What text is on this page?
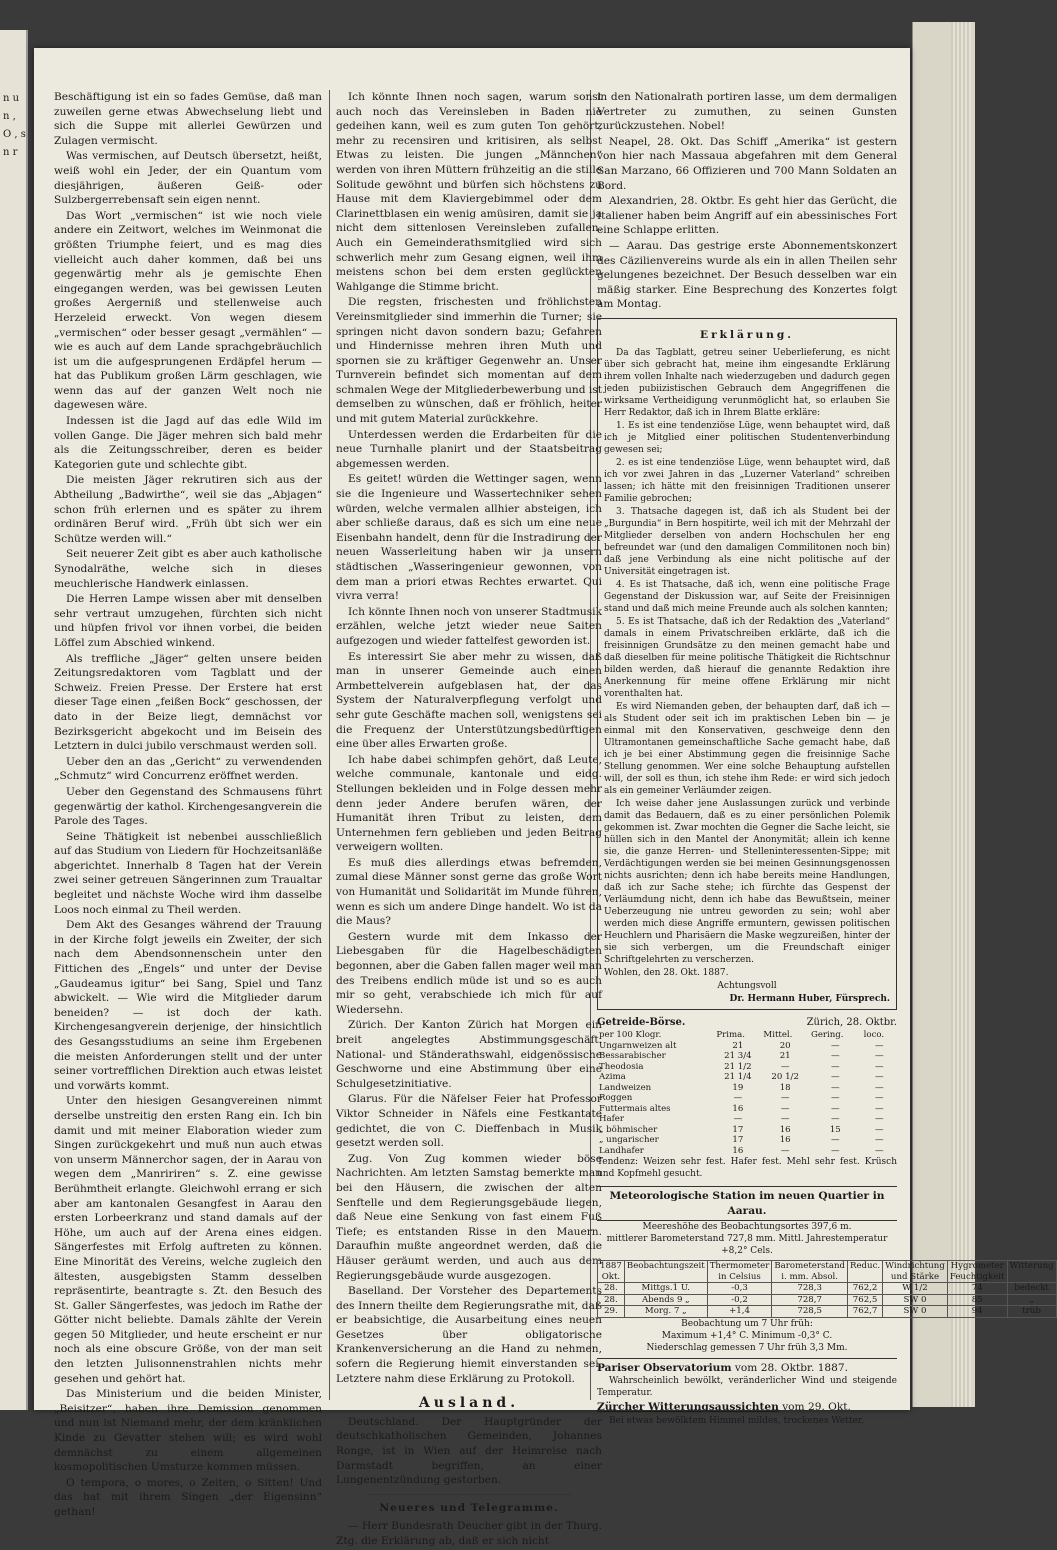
n u n , O , s n r

Beschäftigung ist ein so fades Gemüse, daß man zuweilen gerne etwas Abwechselung liebt und sich die Suppe mit allerlei Gewürzen und Zulagen vermischt.

Was vermischen, auf Deutsch übersetzt, heißt, weiß wohl ein Jeder, der ein Quantum vom diesjährigen, äußeren Geiß- oder Sulzbergerrebensaft sein eigen nennt.

Das Wort „vermischen“ ist wie noch viele andere ein Zeitwort, welches im Weinmonat die größten Triumphe feiert, und es mag dies vielleicht auch daher kommen, daß bei uns gegenwärtig mehr als je gemischte Ehen eingegangen werden, was bei gewissen Leuten großes Aergerniß und stellenweise auch Herzeleid erweckt. Von wegen diesem „vermischen“ oder besser gesagt „vermählen“ — wie es auch auf dem Lande sprachgebräuchlich ist um die aufgesprungenen Erdäpfel herum — hat das Publikum großen Lärm geschlagen, wie wenn das auf der ganzen Welt noch nie dagewesen wäre.

Indessen ist die Jagd auf das edle Wild im vollen Gange. Die Jäger mehren sich bald mehr als die Zeitungsschreiber, deren es beider Kategorien gute und schlechte gibt.

Die meisten Jäger rekrutiren sich aus der Abtheilung „Badwirthe“, weil sie das „Abjagen“ schon früh erlernen und es später zu ihrem ordinären Beruf wird. „Früh übt sich wer ein Schütze werden will.“

Seit neuerer Zeit gibt es aber auch katholische Synodalräthe, welche sich in dieses meuchlerische Handwerk einlassen.

Die Herren Lampe wissen aber mit denselben sehr vertraut umzugehen, fürchten sich nicht und hüpfen frivol vor ihnen vorbei, die beiden Löffel zum Abschied winkend.

Als treffliche „Jäger“ gelten unsere beiden Zeitungsredaktoren vom Tagblatt und der Schweiz. Freien Presse. Der Erstere hat erst dieser Tage einen „feißen Bock“ geschossen, der dato in der Beize liegt, demnächst vor Bezirksgericht abgekocht und im Beisein des Letztern in dulci jubilo verschmaust werden soll.

Ueber den an das „Gericht“ zu verwendenden „Schmutz“ wird Concurrenz eröffnet werden.

Ueber den Gegenstand des Schmausens führt gegenwärtig der kathol. Kirchengesangverein die Parole des Tages.

Seine Thätigkeit ist nebenbei ausschließlich auf das Studium von Liedern für Hochzeitsanläße abgerichtet. Innerhalb 8 Tagen hat der Verein zwei seiner getreuen Sängerinnen zum Traualtar begleitet und nächste Woche wird ihm dasselbe Loos noch einmal zu Theil werden.

Dem Akt des Gesanges während der Trauung in der Kirche folgt jeweils ein Zweiter, der sich nach dem Abendsonnenschein unter den Fittichen des „Engels“ und unter der Devise „Gaudeamus igitur“ bei Sang, Spiel und Tanz abwickelt. — Wie wird die Mitglieder darum beneiden? — ist doch der kath. Kirchengesangverein derjenige, der hinsichtlich des Gesangsstudiums an seine ihm Ergebenen die meisten Anforderungen stellt und der unter seiner vortrefflichen Direktion auch etwas leistet und vorwärts kommt.

Unter den hiesigen Gesangvereinen nimmt derselbe unstreitig den ersten Rang ein. Ich bin damit und mit meiner Elaboration wieder zum Singen zurückgekehrt und muß nun auch etwas von unserm Männerchor sagen, der in Aarau von wegen dem „Manririren“ s. Z. eine gewisse Berühmtheit erlangte. Gleichwohl errang er sich aber am kantonalen Gesangfest in Aarau den ersten Lorbeerkranz und stand damals auf der Höhe, um auch auf der Arena eines eidgen. Sängerfestes mit Erfolg auftreten zu können. Eine Minorität des Vereins, welche zugleich den ältesten, ausgebigsten Stamm desselben repräsentirte, beantragte s. Zt. den Besuch des St. Galler Sängerfestes, was jedoch im Rathe der Götter nicht beliebte. Damals zählte der Verein gegen 50 Mitglieder, und heute erscheint er nur noch als eine obscure Größe, von der man seit den letzten Julisonnenstrahlen nichts mehr gesehen und gehört hat.

Das Ministerium und die beiden Minister, „Beisitzer“, haben ihre Demission genommen und nun ist Niemand mehr, der dem kränklichen Kinde zu Gevatter stehen will; es wird wohl demnächst zu einem allgemeinen kosmopolitischen Umsturze kommen müssen.

O tempora, o mores, o Zeiten, o Sitten! Und das hat mit ihrem Singen „der Eigensinn“ gethan!

Ich könnte Ihnen noch sagen, warum sonst auch noch das Vereinsleben in Baden nie gedeihen kann, weil es zum guten Ton gehört, mehr zu recensiren und kritisiren, als selbst Etwas zu leisten. Die jungen „Männchen“ werden von ihren Müttern frühzeitig an die stille Solitude gewöhnt und bürfen sich höchstens zu Hause mit dem Klaviergebimmel oder dem Clarinettblasen ein wenig amüsiren, damit sie ja nicht dem sittenlosen Vereinsleben zufallen. Auch ein Gemeinderathsmitglied wird sich schwerlich mehr zum Gesang eignen, weil ihm meistens schon bei dem ersten geglückten Wahlgange die Stimme bricht.

Die regsten, frischesten und fröhlichsten Vereinsmitglieder sind immerhin die Turner; sie springen nicht davon sondern bazu; Gefahren und Hindernisse mehren ihren Muth und spornen sie zu kräftiger Gegenwehr an. Unser Turnverein befindet sich momentan auf dem schmalen Wege der Mitgliederbewerbung und ist demselben zu wünschen, daß er fröhlich, heiter und mit gutem Material zurückkehre.

Unterdessen werden die Erdarbeiten für die neue Turnhalle planirt und der Staatsbeitrag abgemessen werden.

Es geitet! würden die Wettinger sagen, wenn sie die Ingenieure und Wassertechniker sehen würden, welche vermalen allhier absteigen, ich aber schließe daraus, daß es sich um eine neue Eisenbahn handelt, denn für die Instradirung der neuen Wasserleitung haben wir ja unsern städtischen „Wasseringenieur gewonnen, von dem man a priori etwas Rechtes erwartet. Qui vivra verra!

Ich könnte Ihnen noch von unserer Stadtmusik erzählen, welche jetzt wieder neue Saiten aufgezogen und wieder fattelfest geworden ist.

Es interessirt Sie aber mehr zu wissen, daß man in unserer Gemeinde auch einen Armbettelverein aufgeblasen hat, der das System der Naturalverpflegung verfolgt und sehr gute Geschäfte machen soll, wenigstens sei die Frequenz der Unterstützungsbedürftigen eine über alles Erwarten große.

Ich habe dabei schimpfen gehört, daß Leute, welche communale, kantonale und eidg. Stellungen bekleiden und in Folge dessen mehr denn jeder Andere berufen wären, der Humanität ihren Tribut zu leisten, dem Unternehmen fern geblieben und jeden Beitrag verweigern wollten.

Es muß dies allerdings etwas befremden, zumal diese Männer sonst gerne das große Wort von Humanität und Solidarität im Munde führen, wenn es sich um andere Dinge handelt. Wo ist da die Maus?

Gestern wurde mit dem Inkasso der Liebesgaben für die Hagelbeschädigten begonnen, aber die Gaben fallen mager weil man des Treibens endlich müde ist und so es auch mir so geht, verabschiede ich mich für auf Wiedersehn.

Zürich. Der Kanton Zürich hat Morgen ein breit angelegtes Abstimmungsgeschäft. National- und Ständerathswahl, eidgenössische Geschworne und eine Abstimmung über eine Schulgesetzinitiative.

Glarus. Für die Näfelser Feier hat Professor Viktor Schneider in Näfels eine Festkantate gedichtet, die von C. Dieffenbach in Musik gesetzt werden soll.

Zug. Von Zug kommen wieder böse Nachrichten. Am letzten Samstag bemerkte man bei den Häusern, die zwischen der alten Senftelle und dem Regierungsgebäude liegen, daß Neue eine Senkung von fast einem Fuß Tiefe; es entstanden Risse in den Mauern. Daraufhin mußte angeordnet werden, daß die Häuser geräumt werden, und auch aus dem Regierungsgebäude wurde ausgezogen.

Baselland. Der Vorsteher des Departements des Innern theilte dem Regierungsrathe mit, daß er beabsichtige, die Ausarbeitung eines neuen Gesetzes über obligatorische Krankenversicherung an die Hand zu nehmen, sofern die Regierung hiemit einverstanden sei. Letztere nahm diese Erklärung zu Protokoll.

Ausland.

Deutschland. Der Hauptgründer der deutschkatholischen Gemeinden, Johannes Ronge, ist in Wien auf der Heimreise nach Darmstadt begriffen, an einer Lungenentzündung gestorben.

Neueres und Telegramme.

— Herr Bundesrath Deucher gibt in der Thurg. Ztg. die Erklärung ab, daß er sich nicht

in den Nationalrath portiren lasse, um dem dermaligen Vertreter zu zumuthen, zu seinen Gunsten zurückzustehen. Nobel!

Neapel, 28. Okt. Das Schiff „Amerika“ ist gestern von hier nach Massaua abgefahren mit dem General San Marzano, 66 Offizieren und 700 Mann Soldaten an Bord.

Alexandrien, 28. Oktbr. Es geht hier das Gerücht, die Italiener haben beim Angriff auf ein abessinisches Fort eine Schlappe erlitten.

— Aarau. Das gestrige erste Abonnementskonzert des Cäzilienvereins wurde als ein in allen Theilen sehr gelungenes bezeichnet. Der Besuch desselben war ein mäßig starker. Eine Besprechung des Konzertes folgt am Montag.

Erklärung.

Da das Tagblatt, getreu seiner Ueberlieferung, es nicht über sich gebracht hat, meine ihm eingesandte Erklärung ihrem vollen Inhalte nach wiederzugeben und dadurch gegen jeden pubiizistischen Gebrauch dem Angegriffenen die wirksame Vertheidigung verunmöglicht hat, so erlauben Sie Herr Redaktor, daß ich in Ihrem Blatte erkläre:

1. Es ist eine tendenziöse Lüge, wenn behauptet wird, daß ich je Mitglied einer politischen Studentenverbindung gewesen sei;

2. es ist eine tendenziöse Lüge, wenn behauptet wird, daß ich vor zwei Jahren in das „Luzerner Vaterland“ schreiben lassen; ich hätte mit den freisinnigen Traditionen unserer Familie gebrochen;

3. Thatsache dagegen ist, daß ich als Student bei der „Burgundia“ in Bern hospitirte, weil ich mit der Mehrzahl der Mitglieder derselben von andern Hochschulen her eng befreundet war (und den damaligen Commilitonen noch bin) daß jene Verbindung als eine nicht politische auf der Universität eingetragen ist.

4. Es ist Thatsache, daß ich, wenn eine politische Frage Gegenstand der Diskussion war, auf Seite der Freisinnigen stand und daß mich meine Freunde auch als solchen kannten;

5. Es ist Thatsache, daß ich der Redaktion des „Vaterland“ damals in einem Privatschreiben erklärte, daß ich die freisinnigen Grundsätze zu den meinen gemacht habe und daß dieselben für meine politische Thätigkeit die Richtschnur bilden werden, daß hierauf die genannte Redaktion ihre Anerkennung für meine offene Erklärung mir nicht vorenthalten hat.

Es wird Niemanden geben, der behaupten darf, daß ich — als Student oder seit ich im praktischen Leben bin — je einmal mit den Konservativen, geschweige denn den Ultramontanen gemeinschaftliche Sache gemacht habe, daß ich je bei einer Abstimmung gegen die freisinnige Sache Stellung genommen. Wer eine solche Behauptung aufstellen will, der soll es thun, ich stehe ihm Rede: er wird sich jedoch als ein gemeiner Verläumder zeigen.

Ich weise daher jene Auslassungen zurück und verbinde damit das Bedauern, daß es zu einer persönlichen Polemik gekommen ist. Zwar mochten die Gegner die Sache leicht, sie hüllen sich in den Mantel der Anonymität; allein ich kenne sie, die ganze Herren- und Stelleninteressenten-Sippe; mit Verdächtigungen werden sie bei meinen Gesinnungsgenossen nichts ausrichten; denn ich habe bereits meine Handlungen, daß ich zur Sache stehe; ich fürchte das Gespenst der Verläumdung nicht, denn ich habe das Bewußtsein, meiner Ueberzeugung nie untreu geworden zu sein; wohl aber werden mich diese Angriffe ermuntern, gewissen politischen Heuchlern und Pharisäern die Maske wegzureißen, hinter der sie sich verbergen, um die Freundschaft einiger Schriftgelehrten zu verscherzen.

Wohlen, den 28. Okt. 1887.

Achtungsvoll

Dr. Hermann Huber, Fürsprech.
Getreide-Börse.	Zürich, 28. Oktbr.
per 100 Klogr.	Prima.	Mittel.	Gering.	loco.
Ungarnweizen alt	21	20	—	—
Bessarabischer	21 3/4	21	—	—
Theodosia	21 1/2	—	—	—
Azima	21 1/4	20 1/2	—	—
Landweizen	19	18	—	—
Roggen	—	—	—	—
Futtermais altes	16	—	—	—
Hafer	—	—	—	—
„ böhmischer	17	16	15	—
„ ungarischer	17	16	—	—
Landhafer	16	—	—	—
Tendenz: Weizen sehr fest. Hafer fest. Mehl sehr fest. Krüsch und Kopfmehl gesucht.
Meteorologische Station im neuen Quartier in Aarau.
Meereshöhe des Beobachtungsortes 397,6 m.
mittlerer Barometerstand 727,8 mm. Mittl. Jahrestemperatur +8,2° Cels.
1887 Okt.	Beobachtungszeit	Thermometer in Celsius	Barometerstand i. mm. Absol.	Reduc.	Windrichtung und Stärke	Hygrometer Feuchtigkeit	Witterung
28.	Mittgs.1 U.	-0,3	728,3	762,2	W 1/2	74	bedeckt
28.	Abends 9 „	-0,2	728,7	762,5	SW 0	85	„
29.	Morg. 7 „	+1,4	728,5	762,7	SW 0	94	trüb
Beobachtung um 7 Uhr früh:
Maximum +1,4° C. Minimum -0,3° C.
Niederschlag gemessen 7 Uhr früh 3,3 Mm.
Pariser Observatorium vom 28. Oktbr. 1887.

Wahrscheinlich bewölkt, veränderlicher Wind und steigende Temperatur.

Zürcher Witterungsaussichten vom 29. Okt.

Bei etwas bewölktem Himmel mildes, trockenes Wetter.
